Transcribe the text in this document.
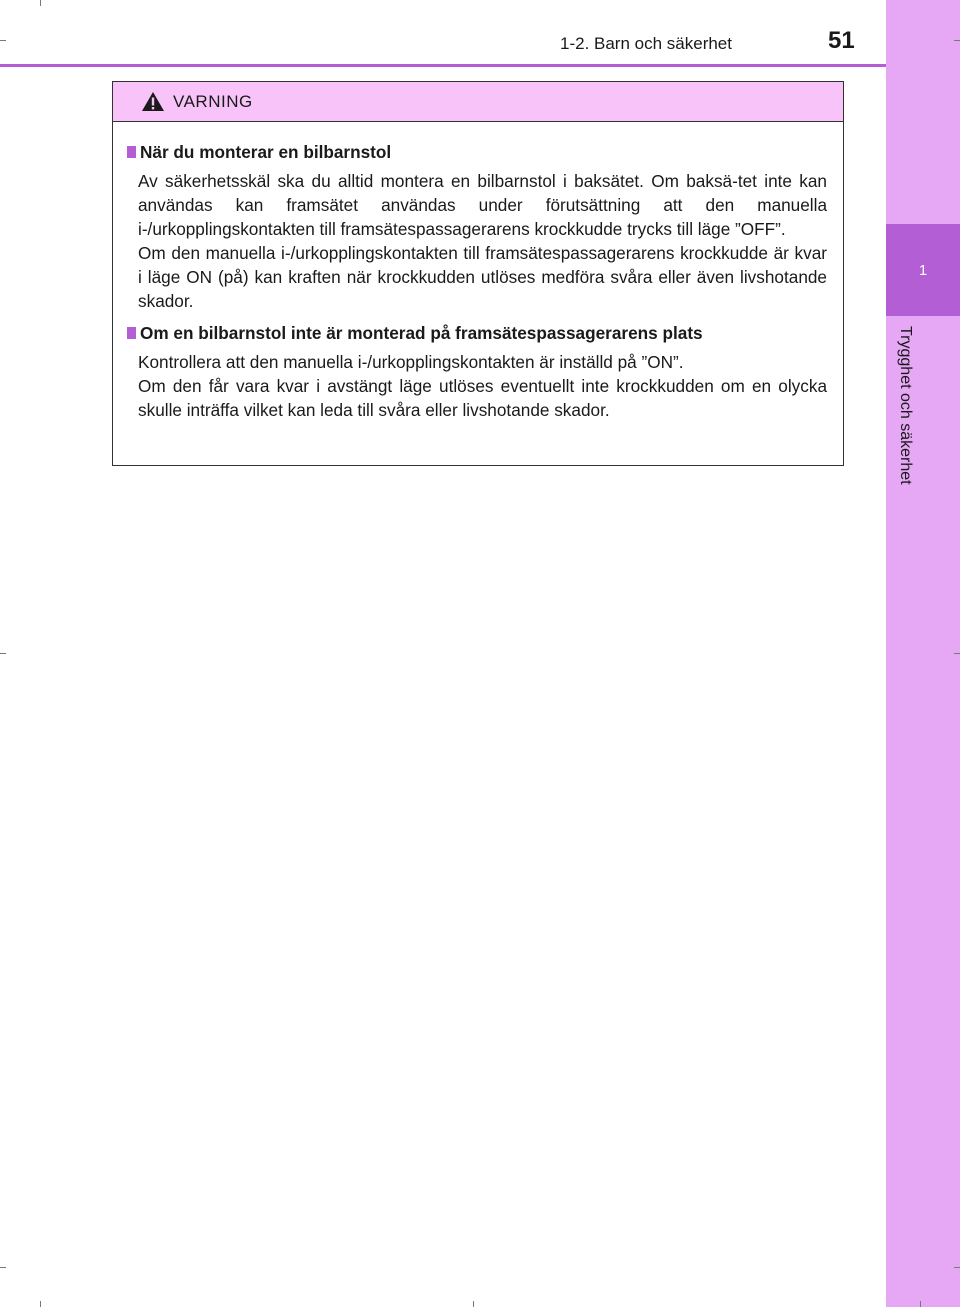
1
Trygghet och säkerhet
1-2. Barn och säkerhet	51
VARNING
När du monterar en bilbarnstol

Av säkerhetsskäl ska du alltid montera en bilbarnstol i baksätet. Om baksä-tet inte kan användas kan framsätet användas under förutsättning att den manuella i-/urkopplingskontakten till framsätespassagerarens krockkudde trycks till läge ”OFF”.

Om den manuella i-/urkopplingskontakten till framsätespassagerarens krockkudde är kvar i läge ON (på) kan kraften när krockkudden utlöses medföra svåra eller även livshotande skador.

Om en bilbarnstol inte är monterad på framsätespassagerarens plats

Kontrollera att den manuella i-/urkopplingskontakten är inställd på ”ON”.

Om den får vara kvar i avstängt läge utlöses eventuellt inte krockkudden om en olycka skulle inträffa vilket kan leda till svåra eller livshotande skador.
